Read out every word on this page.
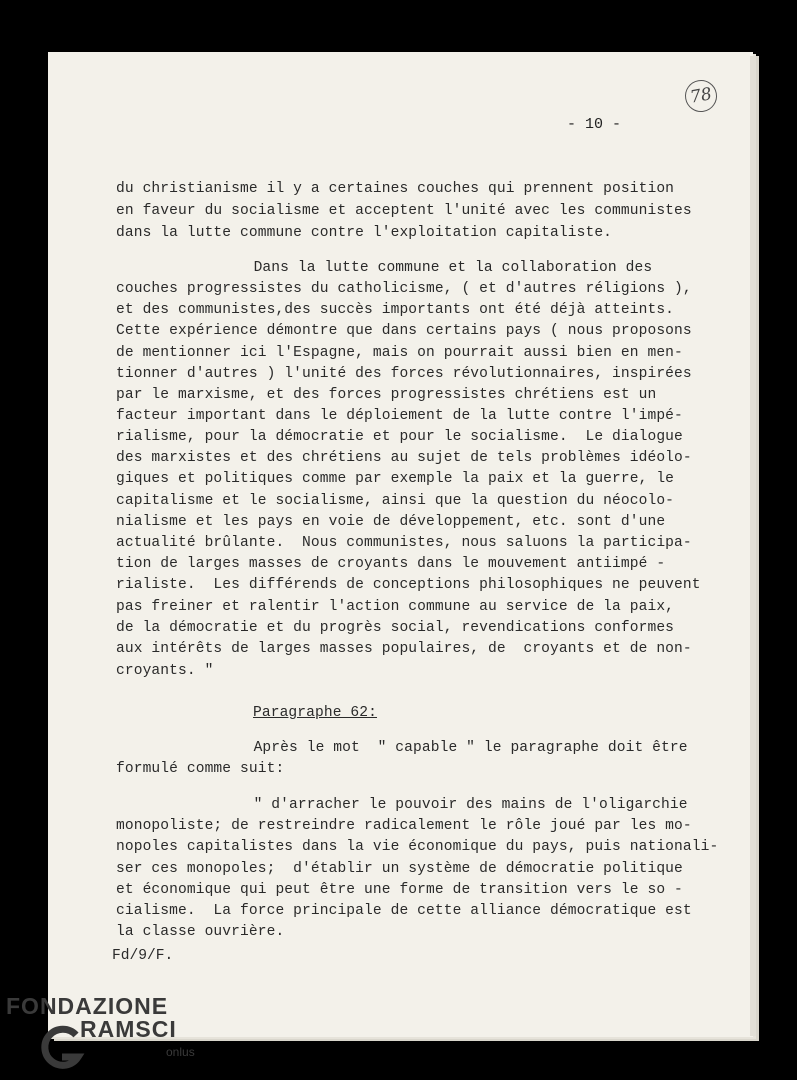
78
- 10 -
du christianisme il y a certaines couches qui prennent position
en faveur du socialisme et acceptent l'unité avec les communistes
dans la lutte commune contre l'exploitation capitaliste.
Dans la lutte commune et la collaboration des
couches progressistes du catholicisme, ( et d'autres réligions ),
et des communistes,des succès importants ont été déjà atteints.
Cette expérience démontre que dans certains pays ( nous proposons
de mentionner ici l'Espagne, mais on pourrait aussi bien en men-
tionner d'autres ) l'unité des forces révolutionnaires, inspirées
par le marxisme, et des forces progressistes chrétiens est un
facteur important dans le déploiement de la lutte contre l'impé-
rialisme, pour la démocratie et pour le socialisme.  Le dialogue
des marxistes et des chrétiens au sujet de tels problèmes idéolo-
giques et politiques comme par exemple la paix et la guerre, le
capitalisme et le socialisme, ainsi que la question du néocolo-
nialisme et les pays en voie de développement, etc. sont d'une
actualité brûlante.  Nous communistes, nous saluons la participa-
tion de larges masses de croyants dans le mouvement antiimpé -
rialiste.  Les différends de conceptions philosophiques ne peuvent
pas freiner et ralentir l'action commune au service de la paix,
de la démocratie et du progrès social, revendications conformes
aux intérêts de larges masses populaires, de  croyants et de non-
croyants. "
Paragraphe 62:
Après le mot  " capable " le paragraphe doit être
formulé comme suit:
" d'arracher le pouvoir des mains de l'oligarchie
monopoliste; de restreindre radicalement le rôle joué par les mo-
nopoles capitalistes dans la vie économique du pays, puis nationali-
ser ces monopoles;  d'établir un système de démocratie politique
et économique qui peut être une forme de transition vers le so -
cialisme.  La force principale de cette alliance démocratique est
la classe ouvrière.
Fd/9/F.
FONDAZIONE
RAMSCI
onlus
